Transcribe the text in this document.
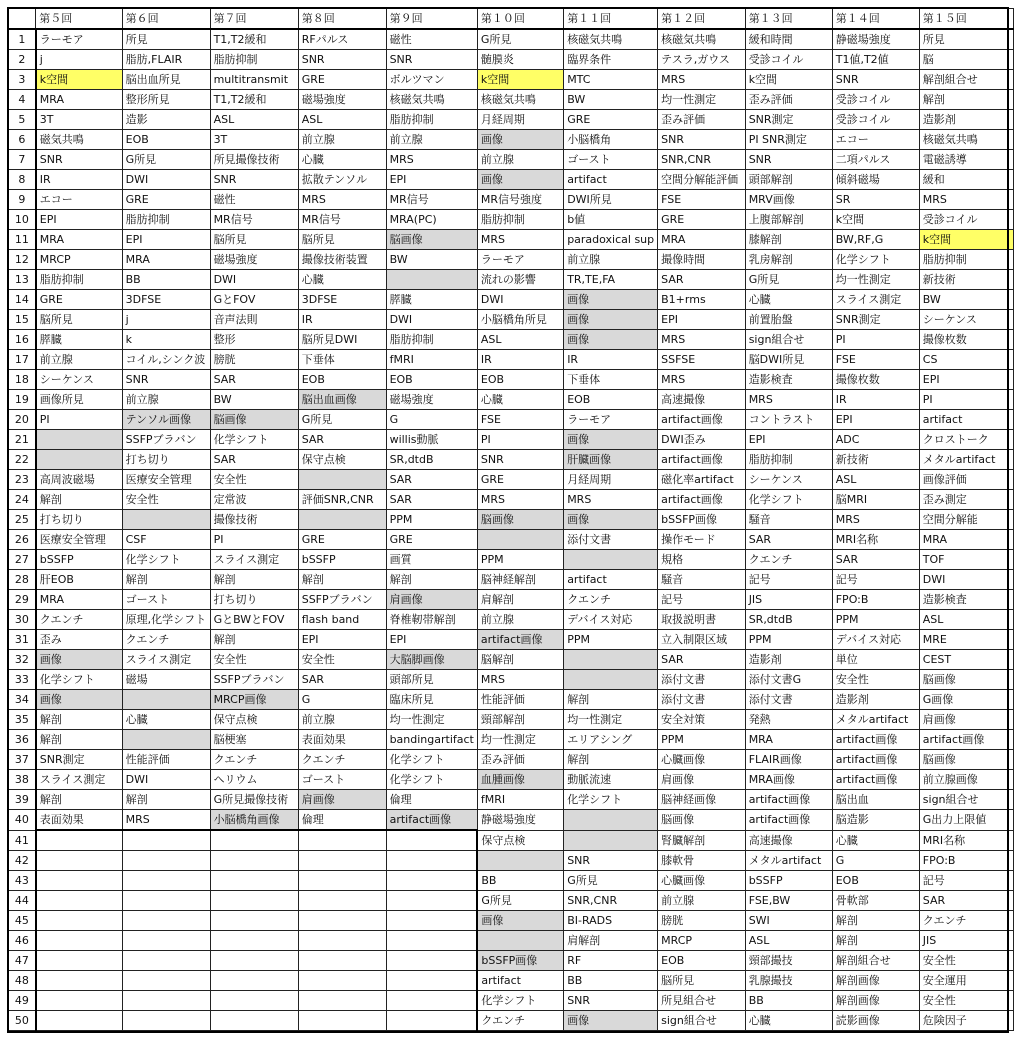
	第５回	第６回	第７回	第８回	第９回	第１０回	第１１回	第１２回	第１３回	第１４回	第１５回
1	ラーモア	所見	T1,T2緩和	RFパルス	磁性	G所見	核磁気共鳴	核磁気共鳴	緩和時間	静磁場強度	所見
2	j	脂肪,FLAIR	脂肪抑制	SNR	SNR	髄膜炎	臨界条件	テスラ,ガウス	受診コイル	T1値,T2値	脳
3	k空間	脳出血所見	multitransmit	GRE	ボルツマン	k空間	MTC	MRS	k空間	SNR	解剖組合せ
4	MRA	整形所見	T1,T2緩和	磁場強度	核磁気共鳴	核磁気共鳴	BW	均一性測定	歪み評価	受診コイル	解剖
5	3T	造影	ASL	ASL	脂肪抑制	月経周期	GRE	歪み評価	SNR測定	受診コイル	造影剤
6	磁気共鳴	EOB	3T	前立腺	前立腺	画像	小脳橋角	SNR	PI SNR測定	エコー	核磁気共鳴
7	SNR	G所見	所見撮像技術	心臓	MRS	前立腺	ゴースト	SNR,CNR	SNR	二項パルス	電磁誘導
8	IR	DWI	SNR	拡散テンソル	EPI	画像	artifact	空間分解能評価	頭部解剖	傾斜磁場	緩和
9	エコー	GRE	磁性	MRS	MR信号	MR信号強度	DWI所見	FSE	MRV画像	SR	MRS
10	EPI	脂肪抑制	MR信号	MR信号	MRA(PC)	脂肪抑制	b値	GRE	上腹部解剖	k空間	受診コイル
11	MRA	EPI	脳所見	脳所見	脳画像	MRS	paradoxical sup	MRA	膝解剖	BW,RF,G	k空間
12	MRCP	MRA	磁場強度	撮像技術装置	BW	ラーモア	前立腺	撮像時間	乳房解剖	化学シフト	脂肪抑制
13	脂肪抑制	BB	DWI	心臓		流れの影響	TR,TE,FA	SAR	G所見	均一性測定	新技術
14	GRE	3DFSE	GとFOV	3DFSE	膵臓	DWI	画像	B1+rms	心臓	スライス測定	BW
15	脳所見	j	音声法則	IR	DWI	小脳橋角所見	画像	EPI	前置胎盤	SNR測定	シーケンス
16	膵臓	k	整形	脳所見DWI	脂肪抑制	ASL	画像	MRS	sign組合せ	PI	撮像枚数
17	前立腺	コイル,シンク波	膀胱	下垂体	fMRI	IR	IR	SSFSE	脳DWI所見	FSE	CS
18	シーケンス	SNR	SAR	EOB	EOB	EOB	下垂体	MRS	造影検査	撮像枚数	EPI
19	画像所見	前立腺	BW	脳出血画像	磁場強度	心臓	EOB	高速撮像	MRS	IR	PI
20	PI	テンソル画像	脳画像	G所見	G	FSE	ラーモア	artifact画像	コントラスト	EPI	artifact
21		SSFPブラバン	化学シフト	SAR	willis動脈	PI	画像	DWI歪み	EPI	ADC	クロストーク
22		打ち切り	SAR	保守点検	SR,dtdB	SNR	肝臓画像	artifact画像	脂肪抑制	新技術	メタルartifact
23	高周波磁場	医療安全管理	安全性		SAR	GRE	月経周期	磁化率artifact	シーケンス	ASL	画像評価
24	解剖	安全性	定常波	評価SNR,CNR	SAR	MRS	MRS	artifact画像	化学シフト	脳MRI	歪み測定
25	打ち切り		撮像技術		PPM	脳画像	画像	bSSFP画像	騒音	MRS	空間分解能
26	医療安全管理	CSF	PI	GRE	GRE		添付文書	操作モード	SAR	MRI名称	MRA
27	bSSFP	化学シフト	スライス測定	bSSFP	画質	PPM		規格	クエンチ	SAR	TOF
28	肝EOB	解剖	解剖	解剖	解剖	脳神経解剖	artifact	騒音	記号	記号	DWI
29	MRA	ゴースト	打ち切り	SSFPブラバン	肩画像	肩解剖	クエンチ	記号	JIS	FPO:B	造影検査
30	クエンチ	原理,化学シフト	GとBWとFOV	flash band	脊椎靭帯解剖	前立腺	デバイス対応	取扱説明書	SR,dtdB	PPM	ASL
31	歪み	クエンチ	解剖	EPI	EPI	artifact画像	PPM	立入制限区域	PPM	デバイス対応	MRE
32	画像	スライス測定	安全性	安全性	大脳脚画像	脳解剖		SAR	造影剤	単位	CEST
33	化学シフト	磁場	SSFPブラバン	SAR	頭部所見	MRS		添付文書	添付文書G	安全性	脳画像
34	画像		MRCP画像	G	臨床所見	性能評価	解剖	添付文書	添付文書	造影剤	G画像
35	解剖	心臓	保守点検	前立腺	均一性測定	頸部解剖	均一性測定	安全対策	発熱	メタルartifact	肩画像
36	解剖		脳梗塞	表面効果	bandingartifact	均一性測定	エリアシング	PPM	MRA	artifact画像	artifact画像
37	SNR測定	性能評価	クエンチ	クエンチ	化学シフト	歪み評価	解剖	心臓画像	FLAIR画像	artifact画像	脳画像
38	スライス測定	DWI	ヘリウム	ゴースト	化学シフト	血腫画像	動脈流速	肩画像	MRA画像	artifact画像	前立腺画像
39	解剖	解剖	G所見撮像技術	肩画像	倫理	fMRI	化学シフト	脳神経画像	artifact画像	脳出血	sign組合せ
40	表面効果	MRS	小脳橋角画像	倫理	artifact画像	静磁場強度		脳画像	artifact画像	脳造影	G出力上限値
41						保守点検		腎臓解剖	高速撮像	心臓	MRI名称
42							SNR	膝軟骨	メタルartifact	G	FPO:B
43						BB	G所見	心臓画像	bSSFP	EOB	記号
44						G所見	SNR,CNR	前立腺	FSE,BW	骨軟部	SAR
45						画像	BI-RADS	膀胱	SWI	解剖	クエンチ
46							肩解剖	MRCP	ASL	解剖	JIS
47						bSSFP画像	RF	EOB	頸部撮技	解剖組合せ	安全性
48						artifact	BB	脳所見	乳腺撮技	解剖画像	安全運用
49						化学シフト	SNR	所見組合せ	BB	解剖画像	安全性
50						クエンチ	画像	sign組合せ	心臓	読影画像	危険因子
